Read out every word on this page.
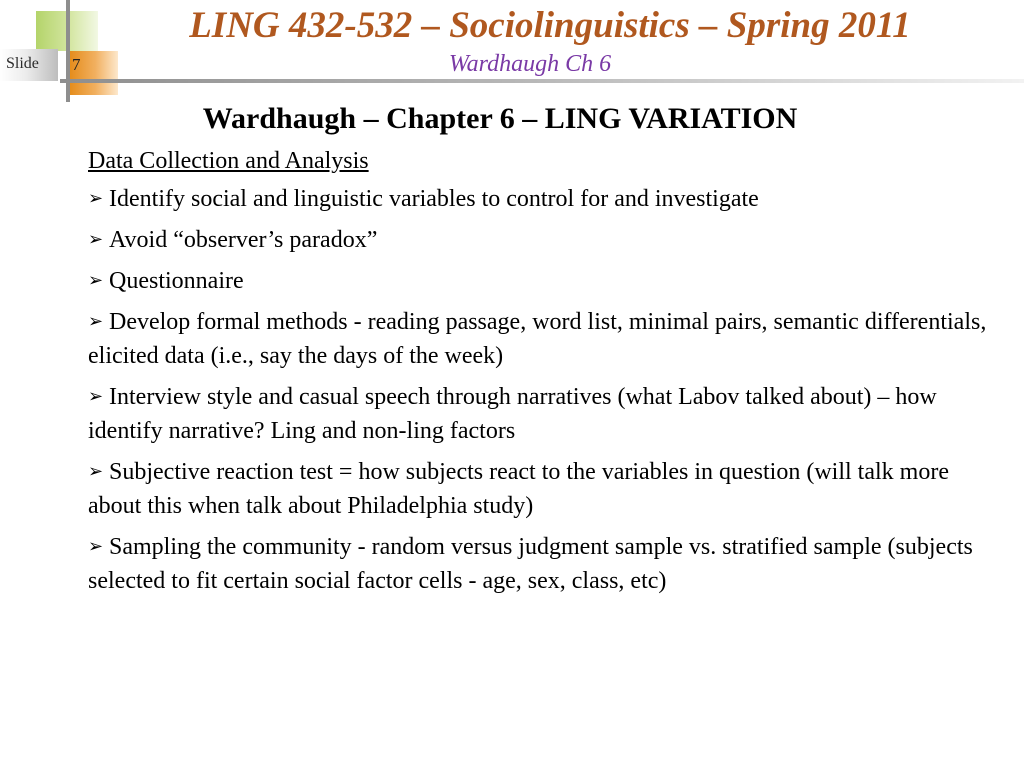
Slide 7
LING 432-532 – Sociolinguistics – Spring 2011
Wardhaugh Ch 6
Wardhaugh – Chapter 6 – LING VARIATION
Data Collection and Analysis
➢ Identify social and linguistic variables to control for and investigate
➢ Avoid “observer’s paradox”
➢ Questionnaire
➢ Develop formal methods - reading passage, word list, minimal pairs, semantic differentials, elicited data (i.e., say the days of the week)
➢ Interview style and casual speech through narratives (what Labov talked about) – how identify narrative? Ling and non-ling factors
➢ Subjective reaction test = how subjects react to the variables in question (will talk more about this when talk about Philadelphia study)
➢ Sampling the community - random versus judgment sample vs. stratified sample (subjects selected to fit certain social factor cells - age, sex, class, etc)
